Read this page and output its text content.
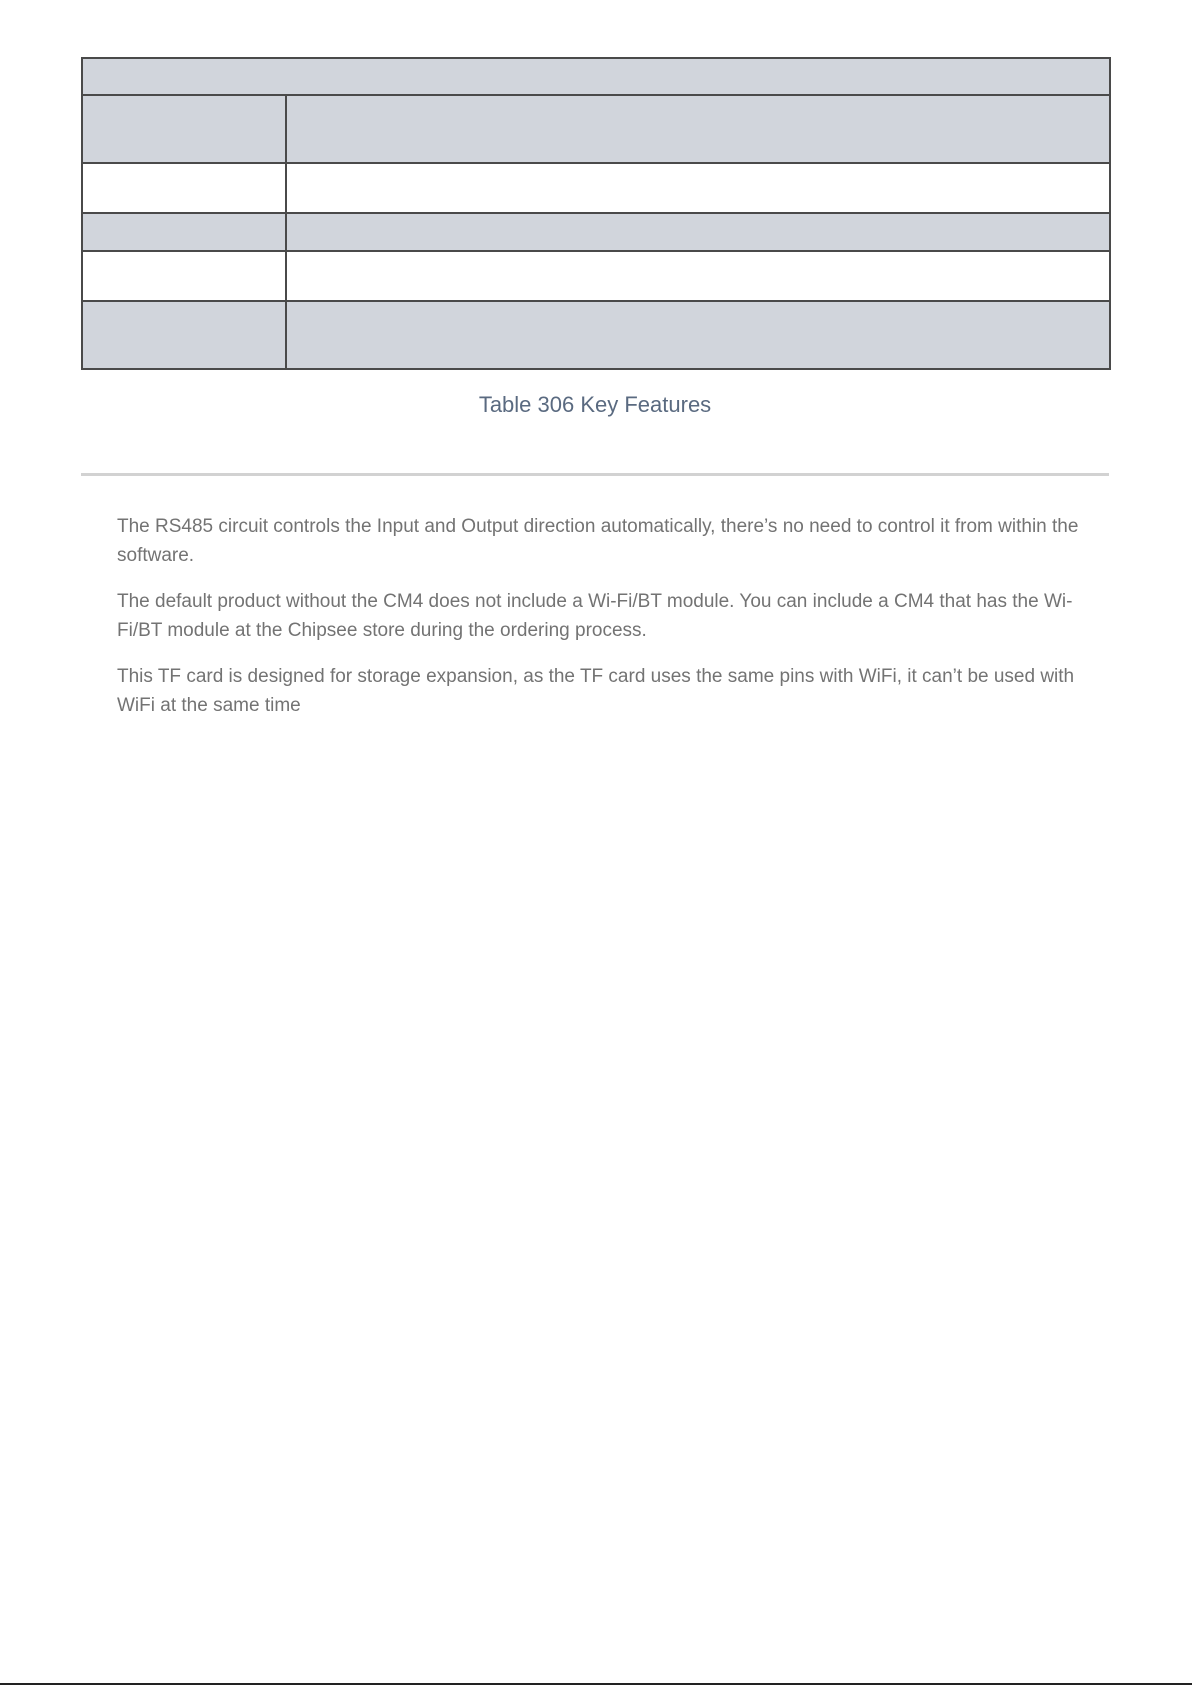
Table 306 Key Features

The RS485 circuit controls the Input and Output direction automatically, there’s no need to control it from within the software.

The default product without the CM4 does not include a Wi-Fi/BT module. You can include a CM4 that has the Wi-Fi/BT module at the Chipsee store during the ordering process.

This TF card is designed for storage expansion, as the TF card uses the same pins with WiFi, it can’t be used with WiFi at the same time
